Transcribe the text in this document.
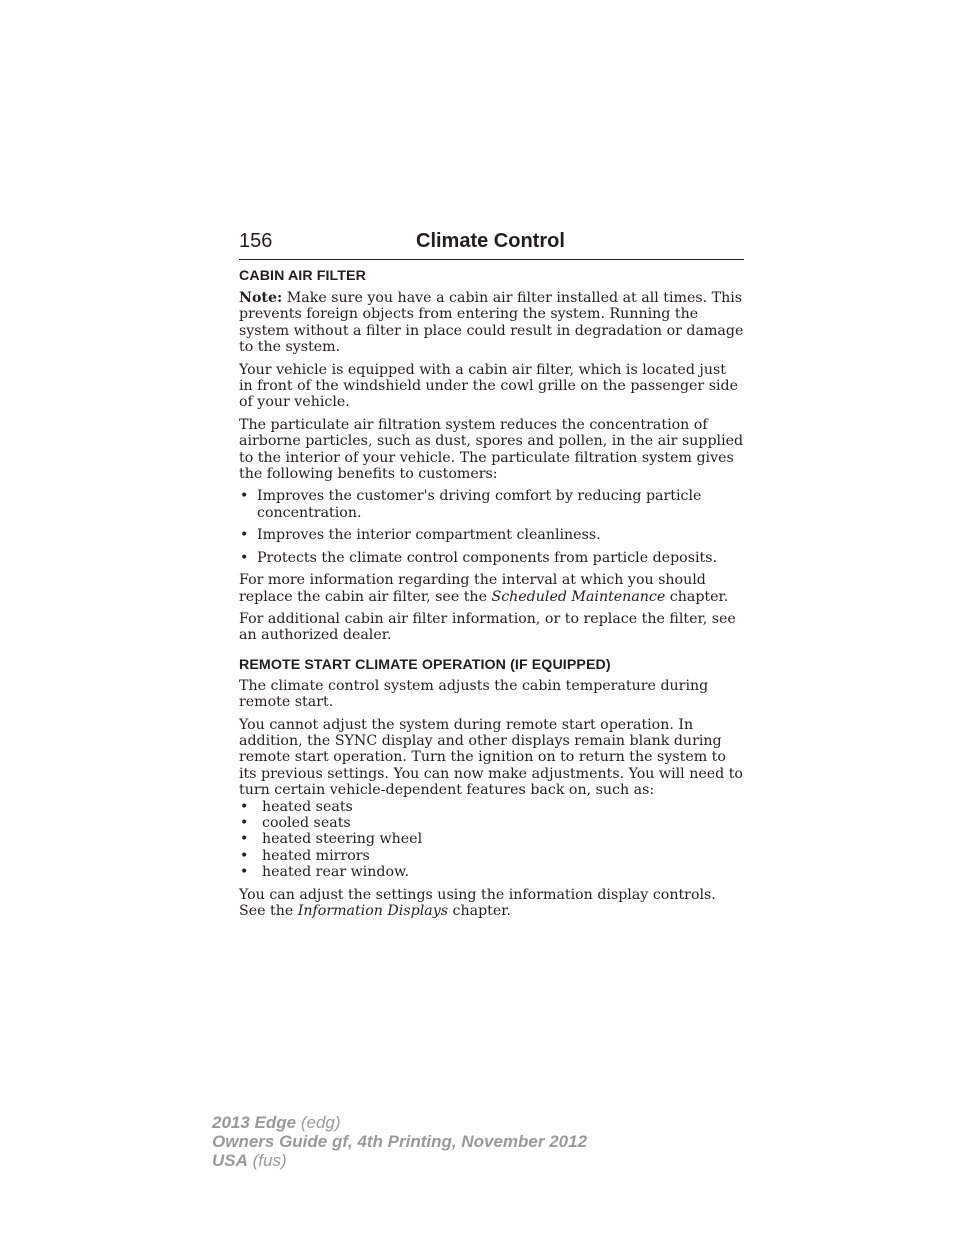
156	Climate Control
CABIN AIR FILTER

Note: Make sure you have a cabin air filter installed at all times. This prevents foreign objects from entering the system. Running the system without a filter in place could result in degradation or damage to the system.

Your vehicle is equipped with a cabin air filter, which is located just in front of the windshield under the cowl grille on the passenger side of your vehicle.

The particulate air filtration system reduces the concentration of airborne particles, such as dust, spores and pollen, in the air supplied to the interior of your vehicle. The particulate filtration system gives the following benefits to customers:

• Improves the customer's driving comfort by reducing particle concentration.
• Improves the interior compartment cleanliness.
• Protects the climate control components from particle deposits.

For more information regarding the interval at which you should replace the cabin air filter, see the Scheduled Maintenance chapter.

For additional cabin air filter information, or to replace the filter, see an authorized dealer.

REMOTE START CLIMATE OPERATION (IF EQUIPPED)

The climate control system adjusts the cabin temperature during remote start.

You cannot adjust the system during remote start operation. In addition, the SYNC display and other displays remain blank during remote start operation. Turn the ignition on to return the system to its previous settings. You can now make adjustments. You will need to turn certain vehicle-dependent features back on, such as:

• heated seats
• cooled seats
• heated steering wheel
• heated mirrors
• heated rear window.

You can adjust the settings using the information display controls. See the Information Displays chapter.

2013 Edge (edg)
Owners Guide gf, 4th Printing, November 2012
USA (fus)
